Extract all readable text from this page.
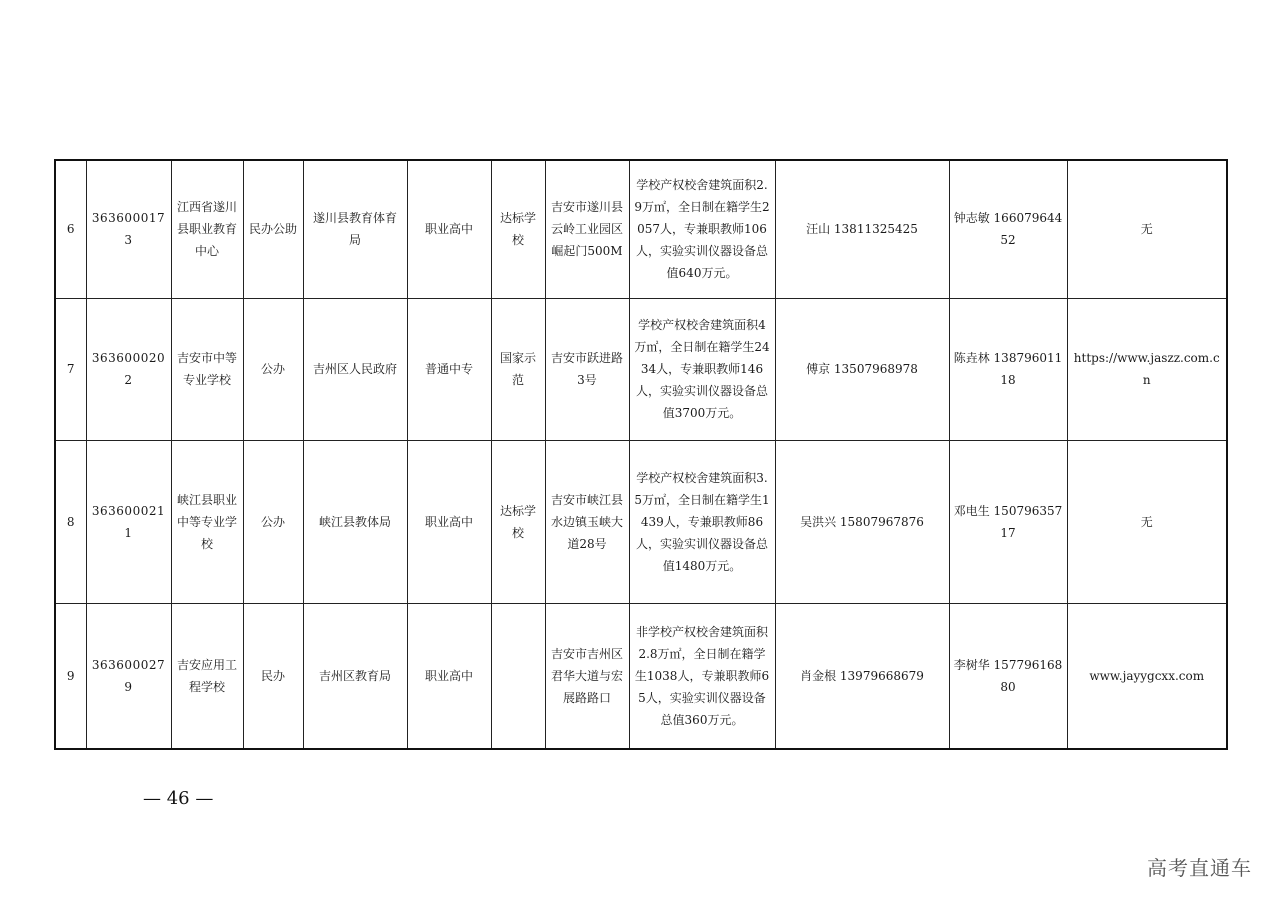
6	3636000173	江西省遂川县职业教育中心	民办公助	遂川县教育体育局	职业高中	达标学校	吉安市遂川县云岭工业园区崛起门500M	学校产权校舍建筑面积2.9万㎡，全日制在籍学生2057人，专兼职教师106人，实验实训仪器设备总值640万元。	汪山 13811325425	钟志敏 16607964452	无
7	3636000202	吉安市中等专业学校	公办	吉州区人民政府	普通中专	国家示范	吉安市跃进路3号	学校产权校舍建筑面积4万㎡，全日制在籍学生2434人，专兼职教师146人，实验实训仪器设备总值3700万元。	傅京 13507968978	陈垚林 13879601118	https://www.jaszz.com.cn
8	3636000211	峡江县职业中等专业学校	公办	峡江县教体局	职业高中	达标学校	吉安市峡江县水边镇玉峡大道28号	学校产权校舍建筑面积3.5万㎡，全日制在籍学生1439人，专兼职教师86人，实验实训仪器设备总值1480万元。	吴洪兴 15807967876	邓电生 15079635717	无
9	3636000279	吉安应用工程学校	民办	吉州区教育局	职业高中		吉安市吉州区君华大道与宏展路路口	非学校产权校舍建筑面积2.8万㎡，全日制在籍学生1038人，专兼职教师65人，实验实训仪器设备总值360万元。	肖金根 13979668679	李树华 15779616880	www.jayygcxx.com
— 46 —
高考直通车
